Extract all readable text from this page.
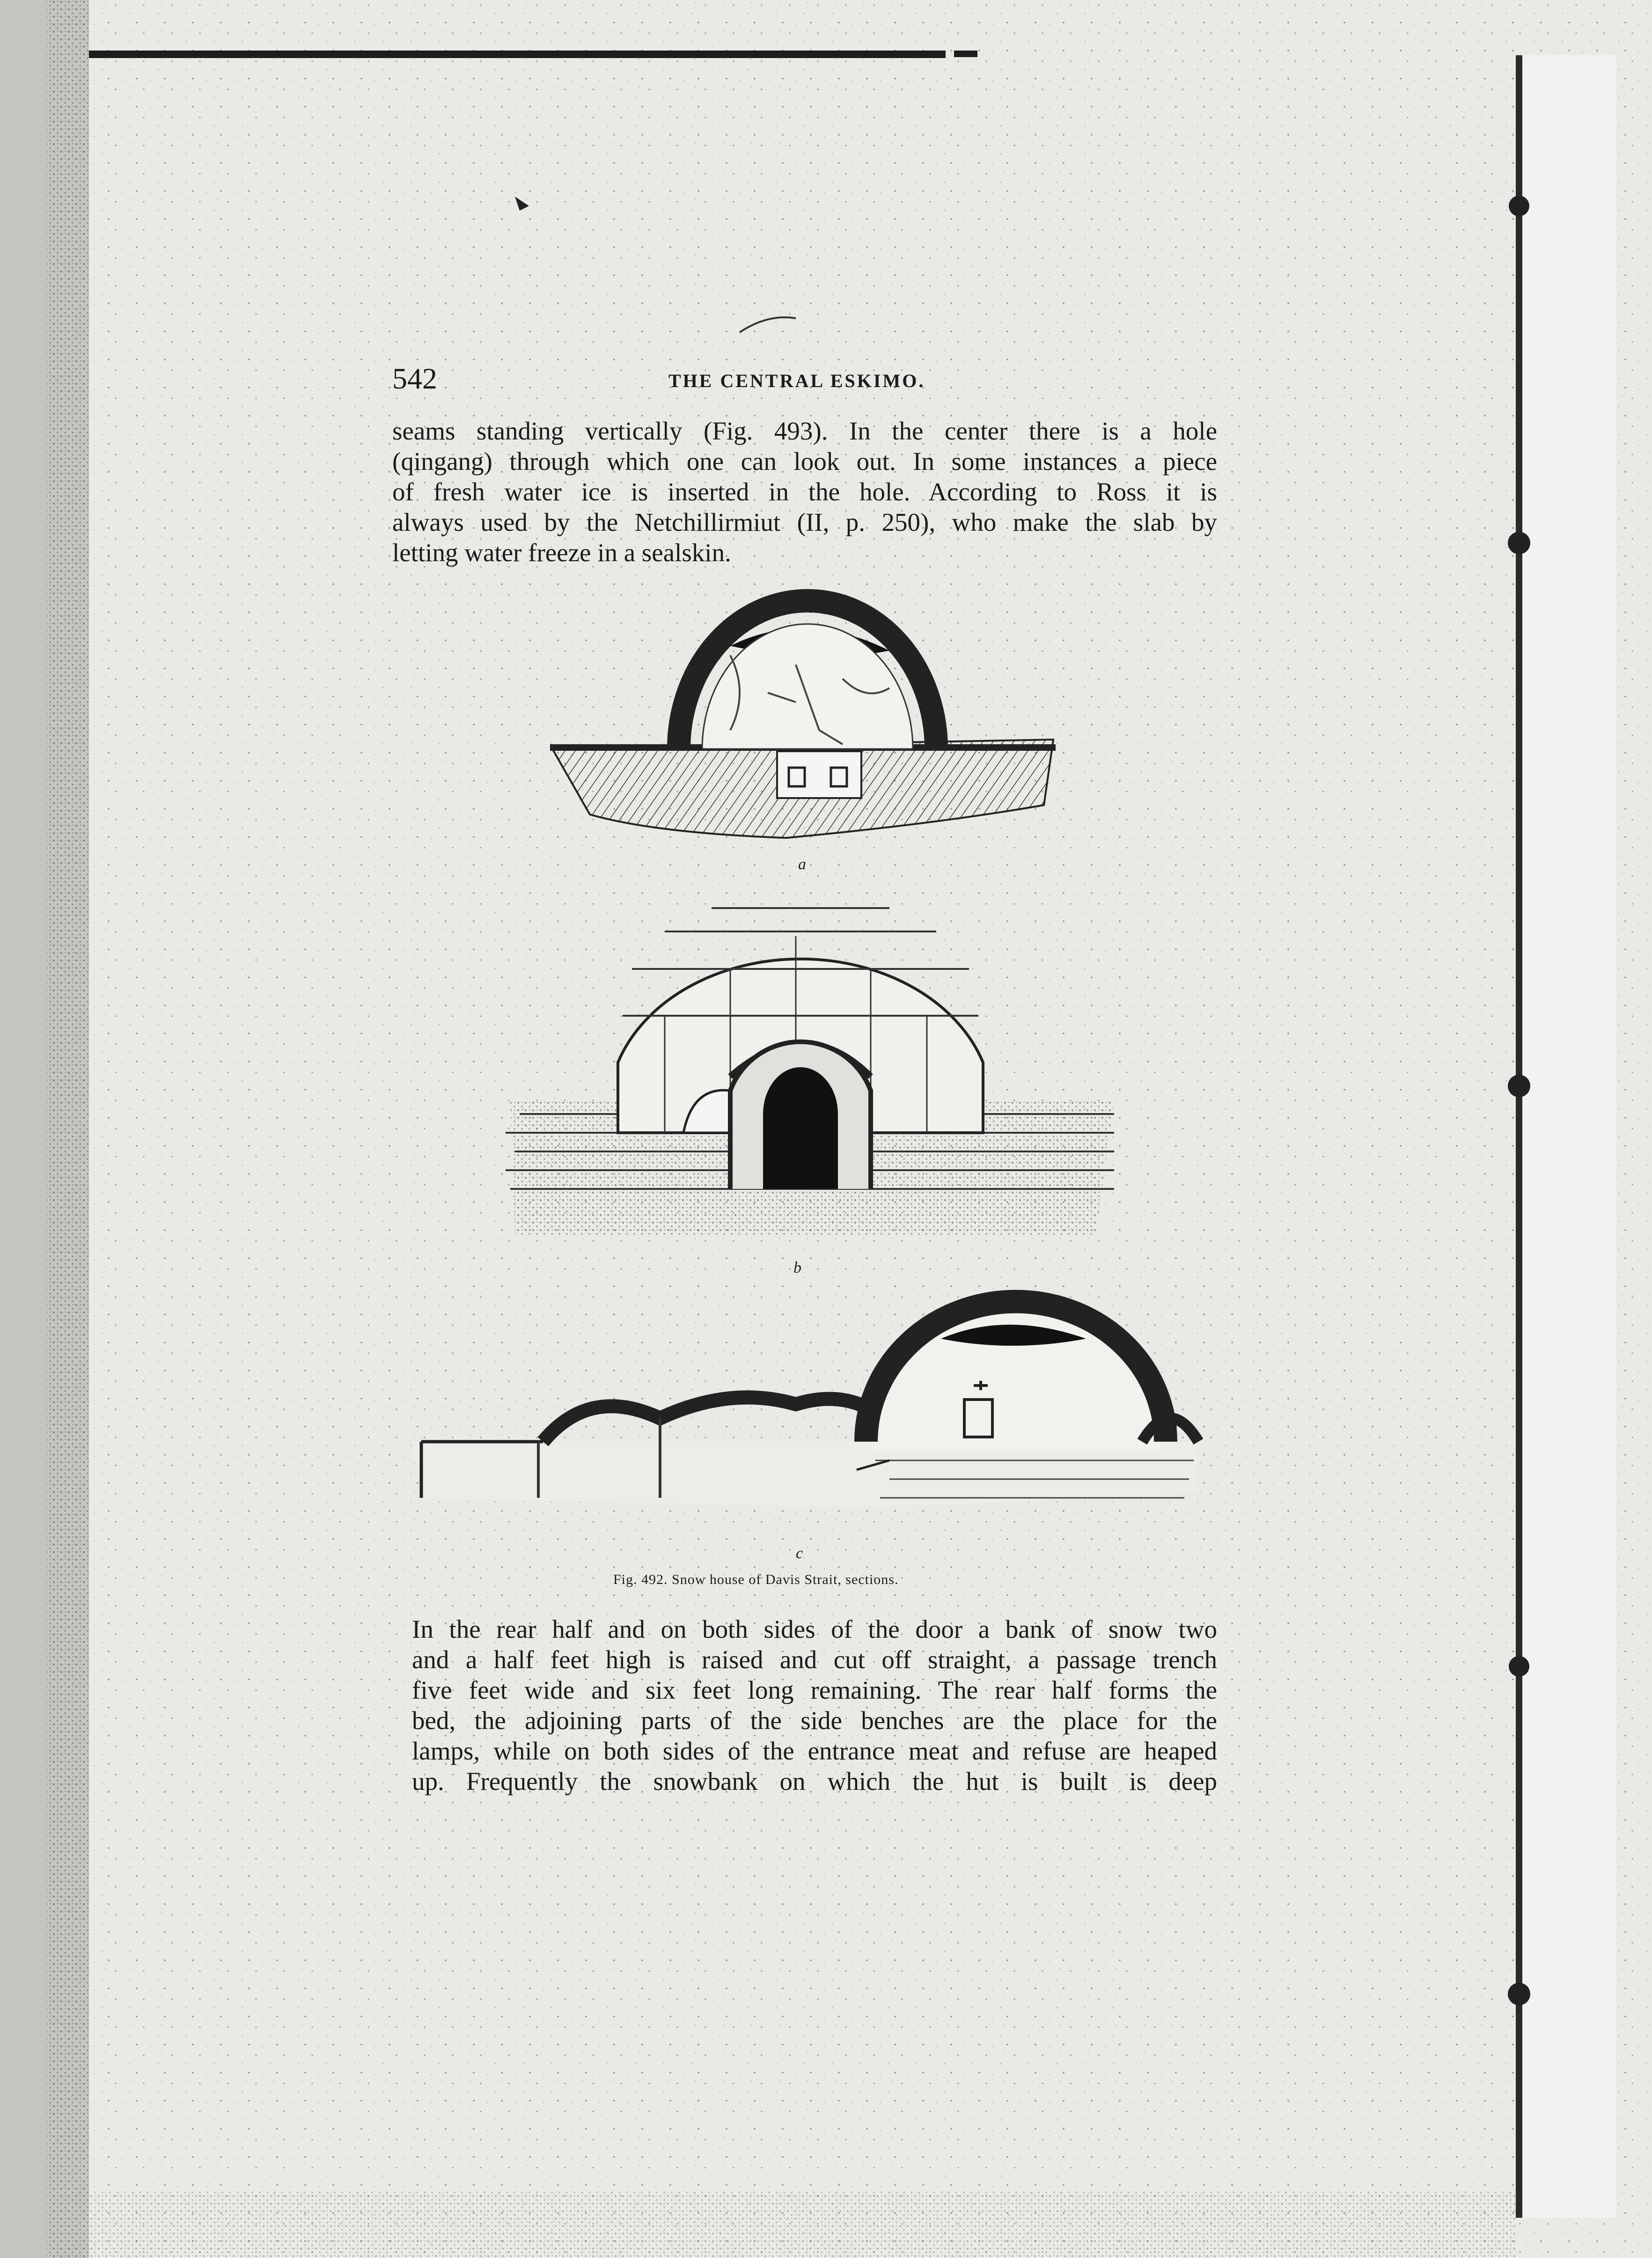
542	THE CENTRAL ESKIMO.
seams standing vertically (Fig. 493). In the center there is a hole
(qingang) through which one can look out. In some instances a piece
of fresh water ice is inserted in the hole. According to Ross it is
always used by the Netchillirmiut (II, p. 250), who make the slab by
letting water freeze in a sealskin.
a
b
c
Fig. 492. Snow house of Davis Strait, sections.
In the rear half and on both sides of the door a bank of snow two
and a half feet high is raised and cut off straight, a passage trench
five feet wide and six feet long remaining. The rear half forms the
bed, the adjoining parts of the side benches are the place for the
lamps, while on both sides of the entrance meat and refuse are heaped
up. Frequently the snowbank on which the hut is built is deep
